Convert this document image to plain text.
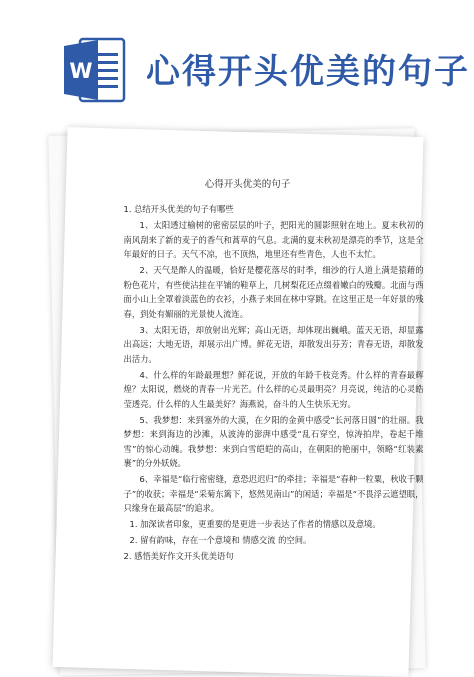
W 心得开头优美的句子
心得开头优美的句子

1. 总结开头优美的句子有哪些

1、太阳透过榆树的密密层层的叶子，把阳光的圆影照射在地上。夏末秋初的南风刮来了新的麦子的香气和蒿草的气息。北满的夏末秋初是漂亮的季节，这是全年最好的日子。天气不凉，也不顶热，地里还有些青色，人也不太忙。

2、天气是醉人的温暖，恰好是樱花落尽的时季，细沙的行人道上满是猿藉的粉色花片，有些使沾挂在平铺的鞋草上，几树梨花还点缀着嫩白的残瓣。北面与西面小山上全罩着淡蓝色的衣衫，小燕子来回在林中穿跳。在这里正是一年好景的残春，到处有媚丽的光景使人流连。

3、太阳无语，却放射出光辉；高山无语，却体现出巍峨。蓝天无语，却显露出高远；大地无语，却展示出广博。鲜花无语，却散发出芬芳；青春无语，却散发出活力。

4、什么样的年龄最理想？鲜花说，开放的年龄千枝竞秀。什么样的青春最辉煌？太阳说，燃烧的青春一片光芒。什么样的心灵最明亮？月亮说，纯洁的心灵皓莹透亮。什么样的人生最美好？海燕说，奋斗的人生快乐无穷。

5、我梦想：来到塞外的大漠，在夕阳的金黄中感受“长河落日圆”的壮丽。我梦想：来到海边的沙滩，从波涛的澎湃中感受“乱石穿空，惊涛拍岸，卷起千堆雪”的惊心动魄。我梦想：来到白雪皑皑的高山，在朝阳的艳丽中，领略“红装素裹”的分外妖娆。

6、幸福是“临行密密缝，意恐迟迟归”的牵挂；幸福是“春种一粒粟，秋收千颗子”的收获；幸福是“采菊东篱下，悠然见南山”的闲适；幸福是“不畏浮云遮望眼，只缘身在最高层”的追求。

1. 加深读者印象，更重要的是更进一步表达了作者的情感以及意境。

2. 留有韵味，存在一个意境和 情感交流 的空间。

2. 感悟美好作文开头优美语句
